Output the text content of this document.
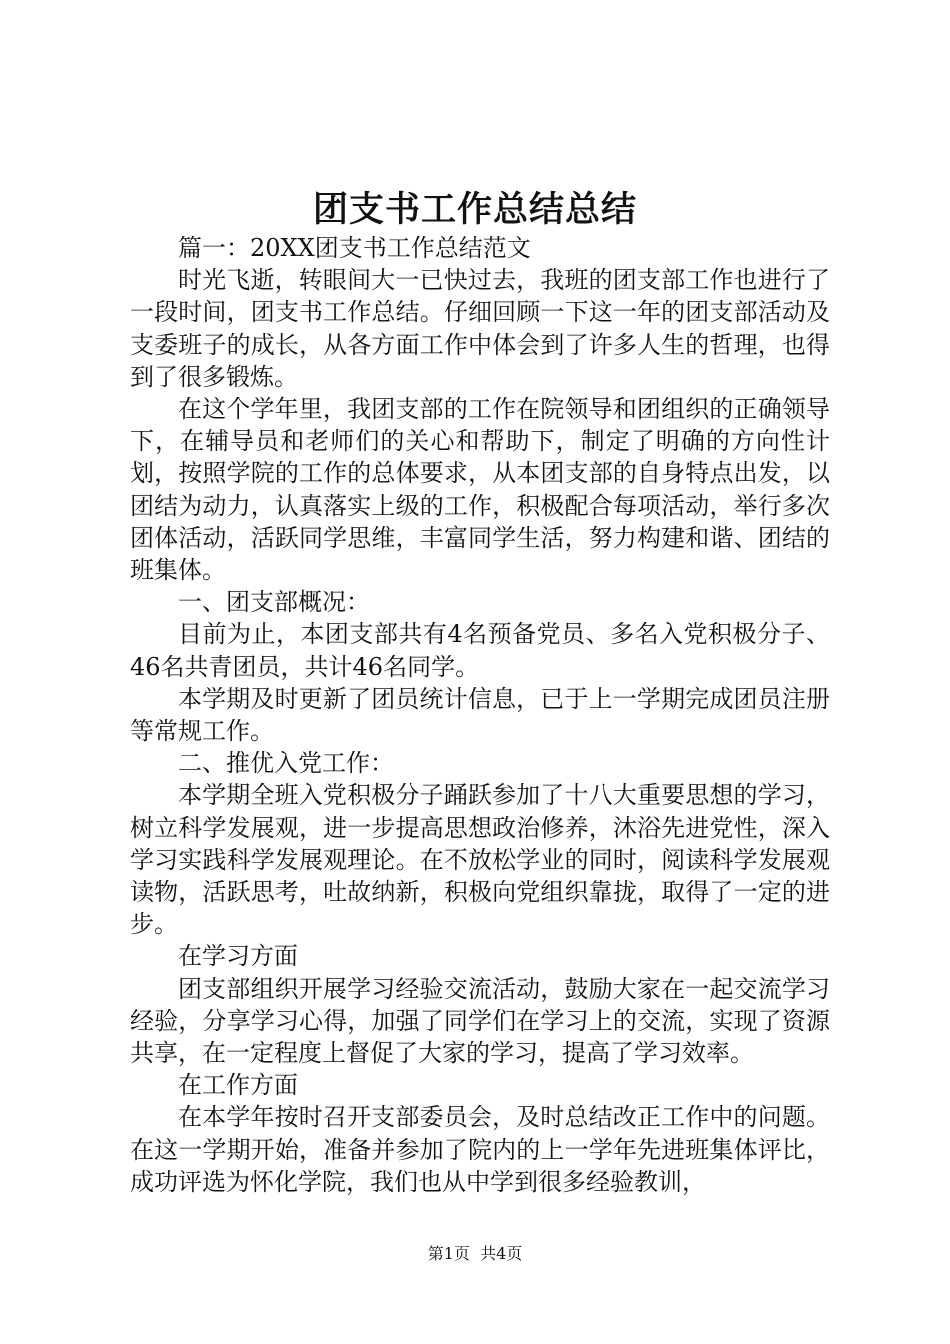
团支书工作总结总结

篇一：20XX团支书工作总结范文

时光飞逝，转眼间大一已快过去，我班的团支部工作也进行了一段时间，团支书工作总结。仔细回顾一下这一年的团支部活动及支委班子的成长，从各方面工作中体会到了许多人生的哲理，也得到了很多锻炼。

在这个学年里，我团支部的工作在院领导和团组织的正确领导下，在辅导员和老师们的关心和帮助下，制定了明确的方向性计划，按照学院的工作的总体要求，从本团支部的自身特点出发，以团结为动力，认真落实上级的工作，积极配合每项活动，举行多次团体活动，活跃同学思维，丰富同学生活，努力构建和谐、团结的班集体。

一、团支部概况：

目前为止，本团支部共有4名预备党员、多名入党积极分子、46名共青团员，共计46名同学。

本学期及时更新了团员统计信息，已于上一学期完成团员注册等常规工作。

二、推优入党工作：

本学期全班入党积极分子踊跃参加了十八大重要思想的学习，树立科学发展观，进一步提高思想政治修养，沐浴先进党性，深入学习实践科学发展观理论。在不放松学业的同时，阅读科学发展观读物，活跃思考，吐故纳新，积极向党组织靠拢，取得了一定的进步。

在学习方面

团支部组织开展学习经验交流活动，鼓励大家在一起交流学习经验，分享学习心得，加强了同学们在学习上的交流，实现了资源共享，在一定程度上督促了大家的学习，提高了学习效率。

在工作方面

在本学年按时召开支部委员会，及时总结改正工作中的问题。在这一学期开始，准备并参加了院内的上一学年先进班集体评比，成功评选为怀化学院，我们也从中学到很多经验教训，

第1页  共4页
